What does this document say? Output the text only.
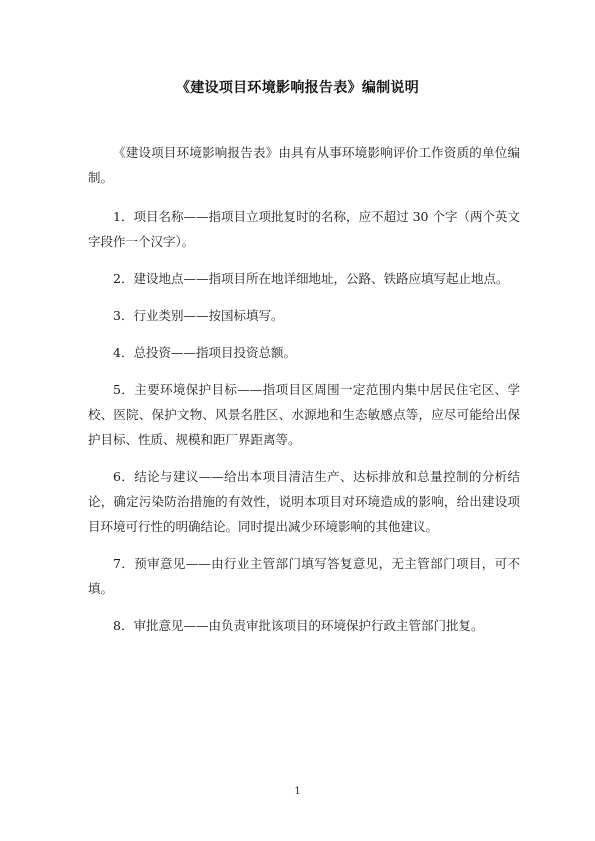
《建设项目环境影响报告表》编制说明

《建设项目环境影响报告表》由具有从事环境影响评价工作资质的单位编制。

1．项目名称——指项目立项批复时的名称，应不超过 30 个字（两个英文字段作一个汉字）。

2．建设地点——指项目所在地详细地址，公路、铁路应填写起止地点。

3．行业类别——按国标填写。

4．总投资——指项目投资总额。

5．主要环境保护目标——指项目区周围一定范围内集中居民住宅区、学校、医院、保护文物、风景名胜区、水源地和生态敏感点等，应尽可能给出保护目标、性质、规模和距厂界距离等。

6．结论与建议——给出本项目清洁生产、达标排放和总量控制的分析结论，确定污染防治措施的有效性，说明本项目对环境造成的影响，给出建设项目环境可行性的明确结论。同时提出减少环境影响的其他建议。

7．预审意见——由行业主管部门填写答复意见，无主管部门项目，可不填。

8．审批意见——由负责审批该项目的环境保护行政主管部门批复。

1
